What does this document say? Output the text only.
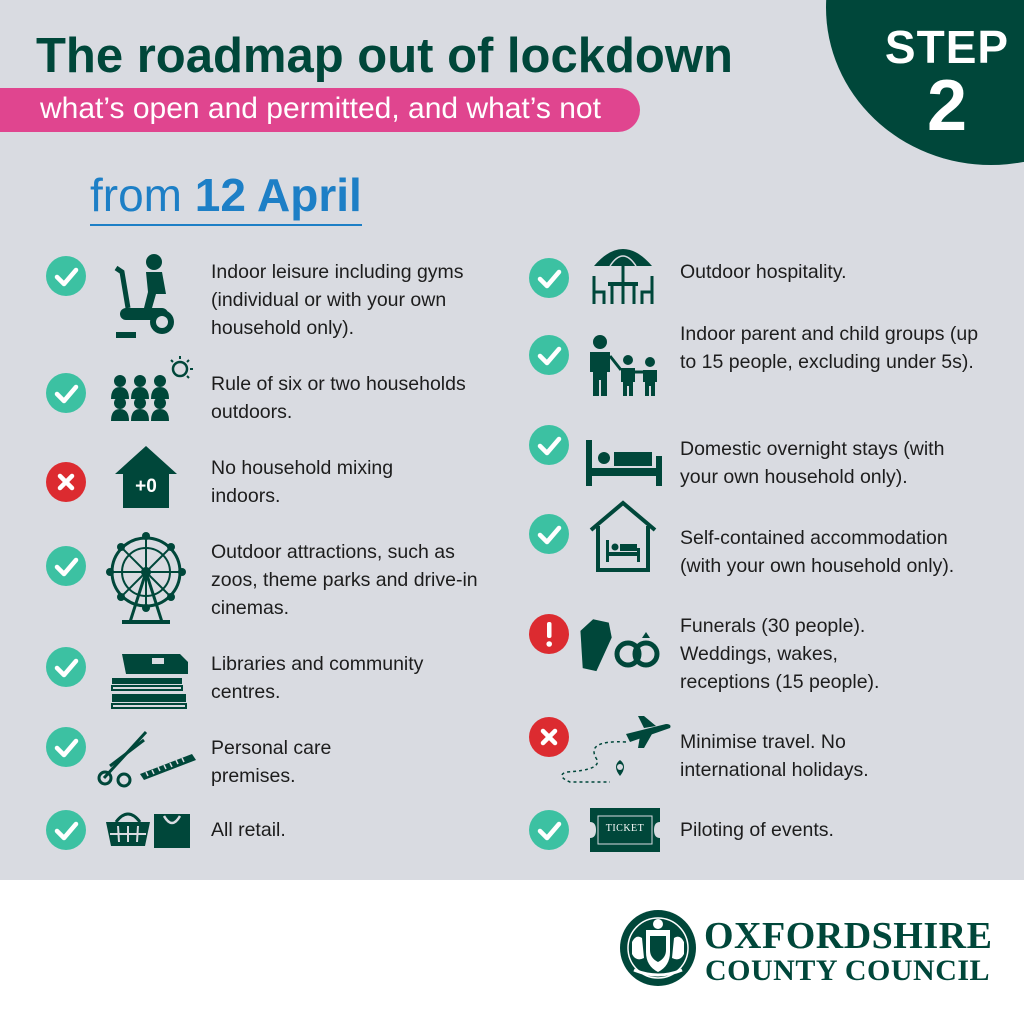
STEP
2
The roadmap out of lockdown
what’s open and permitted, and what’s not
from 12 April
Indoor leisure including gyms (individual or with your own household only).
Rule of six or two households outdoors.
+0
No household mixing indoors.
Outdoor attractions, such as zoos, theme parks and drive-in cinemas.
Libraries and community centres.
Personal care premises.
All retail.
Outdoor hospitality.
Indoor parent and child groups (up to 15 people, excluding under 5s).
Domestic overnight stays (with your own household only).
Self-contained accommodation (with your own household only).
Funerals (30 people). Weddings, wakes, receptions (15 people).
Minimise travel. No international holidays.
TICKET	Piloting of events.
OXFORDSHIRE
COUNTY COUNCIL
